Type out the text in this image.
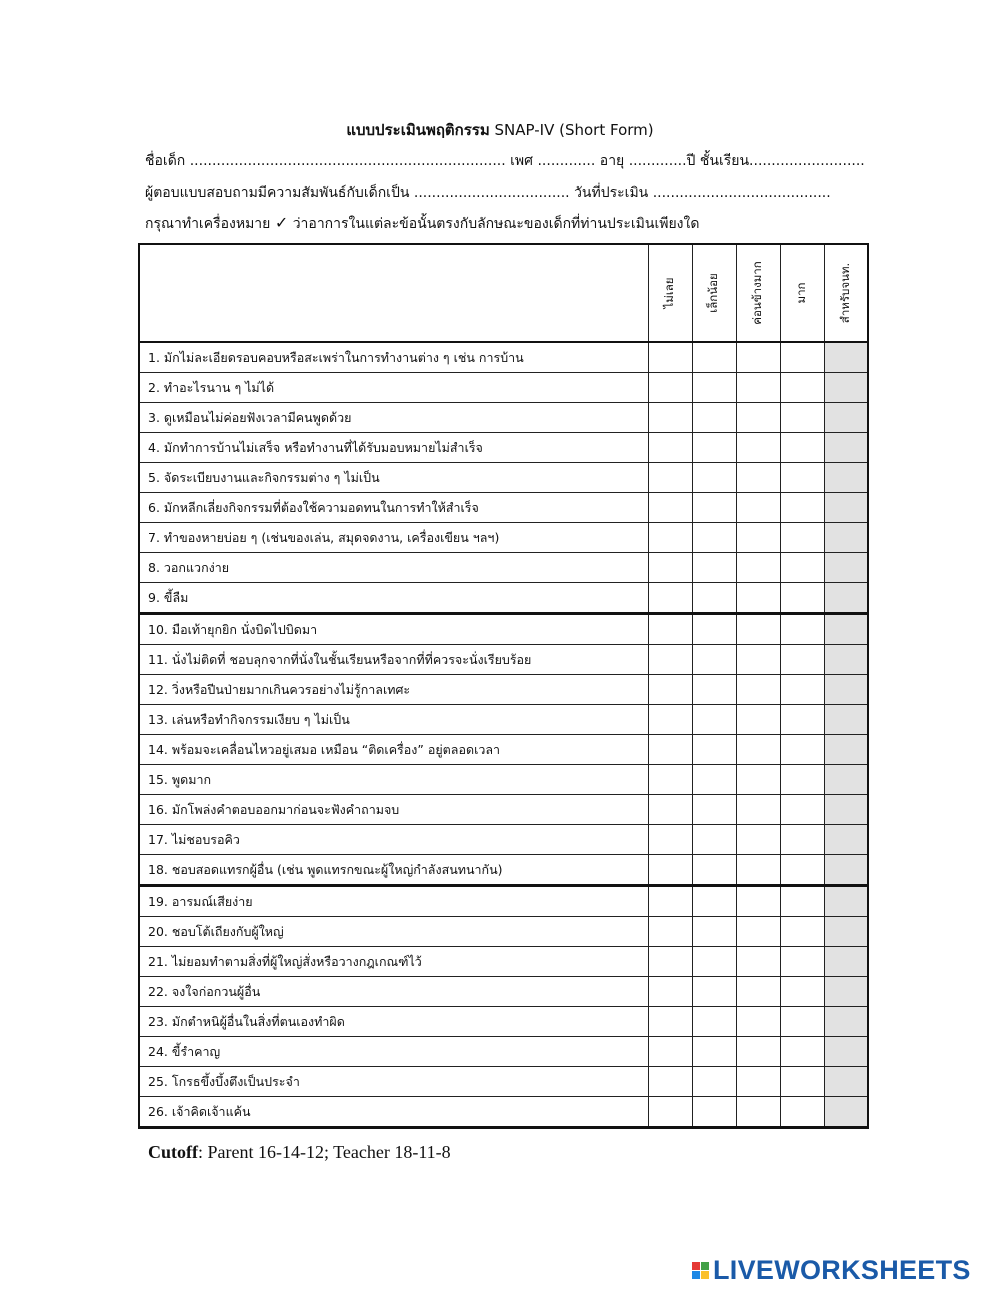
แบบประเมินพฤติกรรม SNAP-IV (Short Form)
ชื่อเด็ก ....................................................................... เพศ ............. อายุ .............ปี ชั้นเรียน..........................
ผู้ตอบแบบสอบถามมีความสัมพันธ์กับเด็กเป็น ................................... วันที่ประเมิน ........................................
กรุณาทำเครื่องหมาย ✓ ว่าอาการในแต่ละข้อนั้นตรงกับลักษณะของเด็กที่ท่านประเมินเพียงใด

	ไม่เลย	เล็กน้อย	ค่อนข้างมาก	มาก	สำหรับจนท.

1. มักไม่ละเอียดรอบคอบหรือสะเพร่าในการทำงานต่าง ๆ เช่น การบ้าน					
2. ทำอะไรนาน ๆ ไม่ได้					
3. ดูเหมือนไม่ค่อยฟังเวลามีคนพูดด้วย					
4. มักทำการบ้านไม่เสร็จ หรือทำงานที่ได้รับมอบหมายไม่สำเร็จ					
5. จัดระเบียบงานและกิจกรรมต่าง ๆ ไม่เป็น					
6. มักหลีกเลี่ยงกิจกรรมที่ต้องใช้ความอดทนในการทำให้สำเร็จ					
7. ทำของหายบ่อย ๆ (เช่นของเล่น, สมุดจดงาน, เครื่องเขียน ฯลฯ)					
8. วอกแวกง่าย					
9. ขี้ลืม					
10. มือเท้ายุกยิก นั่งบิดไปบิดมา					
11. นั่งไม่ติดที่ ชอบลุกจากที่นั่งในชั้นเรียนหรือจากที่ที่ควรจะนั่งเรียบร้อย					
12. วิ่งหรือปีนป่ายมากเกินควรอย่างไม่รู้กาลเทศะ					
13. เล่นหรือทำกิจกรรมเงียบ ๆ ไม่เป็น					
14. พร้อมจะเคลื่อนไหวอยู่เสมอ เหมือน “ติดเครื่อง” อยู่ตลอดเวลา					
15. พูดมาก					
16. มักโพล่งคำตอบออกมาก่อนจะฟังคำถามจบ					
17. ไม่ชอบรอคิว					
18. ชอบสอดแทรกผู้อื่น (เช่น พูดแทรกขณะผู้ใหญ่กำลังสนทนากัน)					
19. อารมณ์เสียง่าย					
20. ชอบโต้เถียงกับผู้ใหญ่					
21. ไม่ยอมทำตามสิ่งที่ผู้ใหญ่สั่งหรือวางกฎเกณฑ์ไว้					
22. จงใจก่อกวนผู้อื่น					
23. มักตำหนิผู้อื่นในสิ่งที่ตนเองทำผิด					
24. ขี้รำคาญ					
25. โกรธขึ้งบึ้งตึงเป็นประจำ					
26. เจ้าคิดเจ้าแค้น					
Cutoff: Parent 16-14-12; Teacher 18-11-8
LIVEWORKSHEETS
